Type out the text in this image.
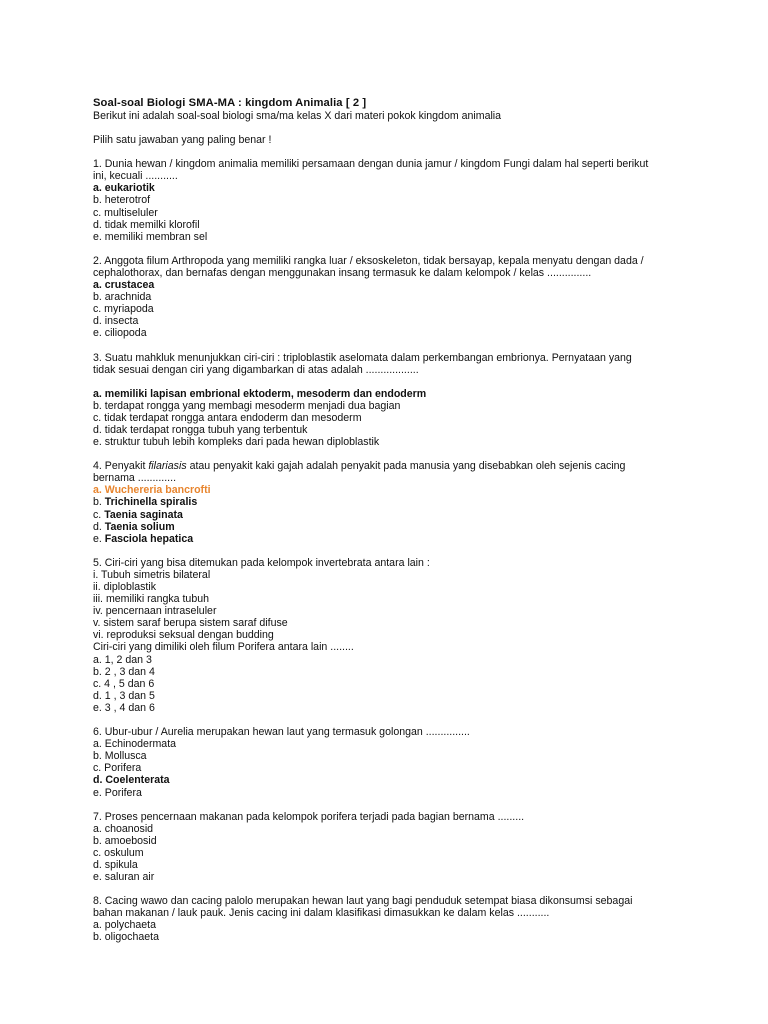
Soal-soal Biologi SMA-MA : kingdom Animalia [ 2 ]

Berikut ini adalah soal-soal biologi sma/ma kelas X dari materi pokok kingdom animalia

Pilih satu jawaban yang paling benar !

1. Dunia hewan / kingdom animalia memiliki persamaan dengan dunia jamur / kingdom Fungi dalam hal seperti berikut

ini, kecuali ...........

a. eukariotik

b. heterotrof

c. multiseluler

d. tidak memilki klorofil

e. memiliki membran sel

2. Anggota filum Arthropoda yang memiliki rangka luar / eksoskeleton, tidak bersayap, kepala menyatu dengan dada /

cephalothorax, dan bernafas dengan menggunakan insang termasuk ke dalam kelompok / kelas ...............

a. crustacea

b. arachnida

c. myriapoda

d. insecta

e. ciliopoda

3. Suatu mahkluk menunjukkan ciri-ciri : triploblastik aselomata dalam perkembangan embrionya. Pernyataan yang

tidak sesuai dengan ciri yang digambarkan di atas adalah ..................

a. memiliki lapisan embrional ektoderm, mesoderm dan endoderm

b. terdapat rongga yang membagi mesoderm menjadi dua bagian

c. tidak terdapat rongga antara endoderm dan mesoderm

d. tidak terdapat rongga tubuh yang terbentuk

e. struktur tubuh lebih kompleks dari pada hewan diploblastik

4. Penyakit filariasis atau penyakit kaki gajah adalah penyakit pada manusia yang disebabkan oleh sejenis cacing

bernama .............

a. Wuchereria bancrofti

b. Trichinella spiralis

c. Taenia saginata

d. Taenia solium

e. Fasciola hepatica

5. Ciri-ciri yang bisa ditemukan pada kelompok invertebrata antara lain :

i. Tubuh simetris bilateral

ii. diploblastik

iii. memiliki rangka tubuh

iv. pencernaan intraseluler

v. sistem saraf berupa sistem saraf difuse

vi. reproduksi seksual dengan budding

Ciri-ciri yang dimiliki oleh filum Porifera antara lain ........

a. 1, 2 dan 3

b. 2 , 3 dan 4

c. 4 , 5 dan 6

d. 1 , 3 dan 5

e. 3 , 4 dan 6

6. Ubur-ubur / Aurelia merupakan hewan laut yang termasuk golongan ...............

a. Echinodermata

b. Mollusca

c. Porifera

d. Coelenterata

e. Porifera

7. Proses pencernaan makanan pada kelompok porifera terjadi pada bagian bernama .........

a. choanosid

b. amoebosid

c. oskulum

d. spikula

e. saluran air

8. Cacing wawo dan cacing palolo merupakan hewan laut yang bagi penduduk setempat biasa dikonsumsi sebagai

bahan makanan / lauk pauk. Jenis cacing ini dalam klasifikasi dimasukkan ke dalam kelas ...........

a. polychaeta

b. oligochaeta
